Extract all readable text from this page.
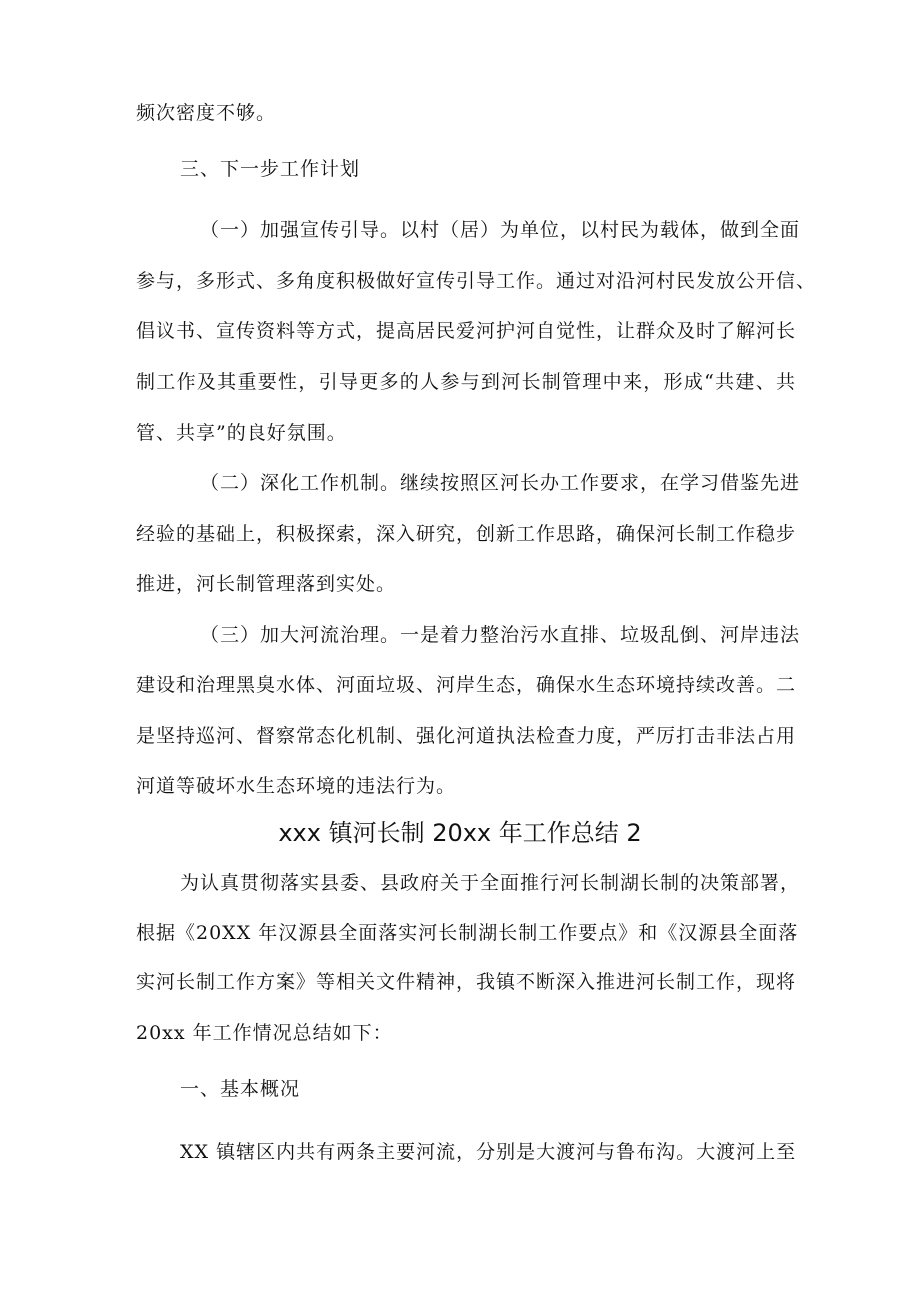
频次密度不够。
三、下一步工作计划
（一）加强宣传引导。以村（居）为单位，以村民为载体，做到全面
参与，多形式、多角度积极做好宣传引导工作。通过对沿河村民发放公开信、
倡议书、宣传资料等方式，提高居民爱河护河自觉性，让群众及时了解河长
制工作及其重要性，引导更多的人参与到河长制管理中来，形成“共建、共
管、共享”的良好氛围。
（二）深化工作机制。继续按照区河长办工作要求，在学习借鉴先进
经验的基础上，积极探索，深入研究，创新工作思路，确保河长制工作稳步
推进，河长制管理落到实处。
（三）加大河流治理。一是着力整治污水直排、垃圾乱倒、河岸违法
建设和治理黑臭水体、河面垃圾、河岸生态，确保水生态环境持续改善。二
是坚持巡河、督察常态化机制、强化河道执法检查力度，严厉打击非法占用
河道等破坏水生态环境的违法行为。
xxx 镇河长制 20xx 年工作总结 2
为认真贯彻落实县委、县政府关于全面推行河长制湖长制的决策部署，
根据《20XX 年汉源县全面落实河长制湖长制工作要点》和《汉源县全面落
实河长制工作方案》等相关文件精神，我镇不断深入推进河长制工作，现将
20xx 年工作情况总结如下：
一、基本概况
XX 镇辖区内共有两条主要河流，分别是大渡河与鲁布沟。大渡河上至
